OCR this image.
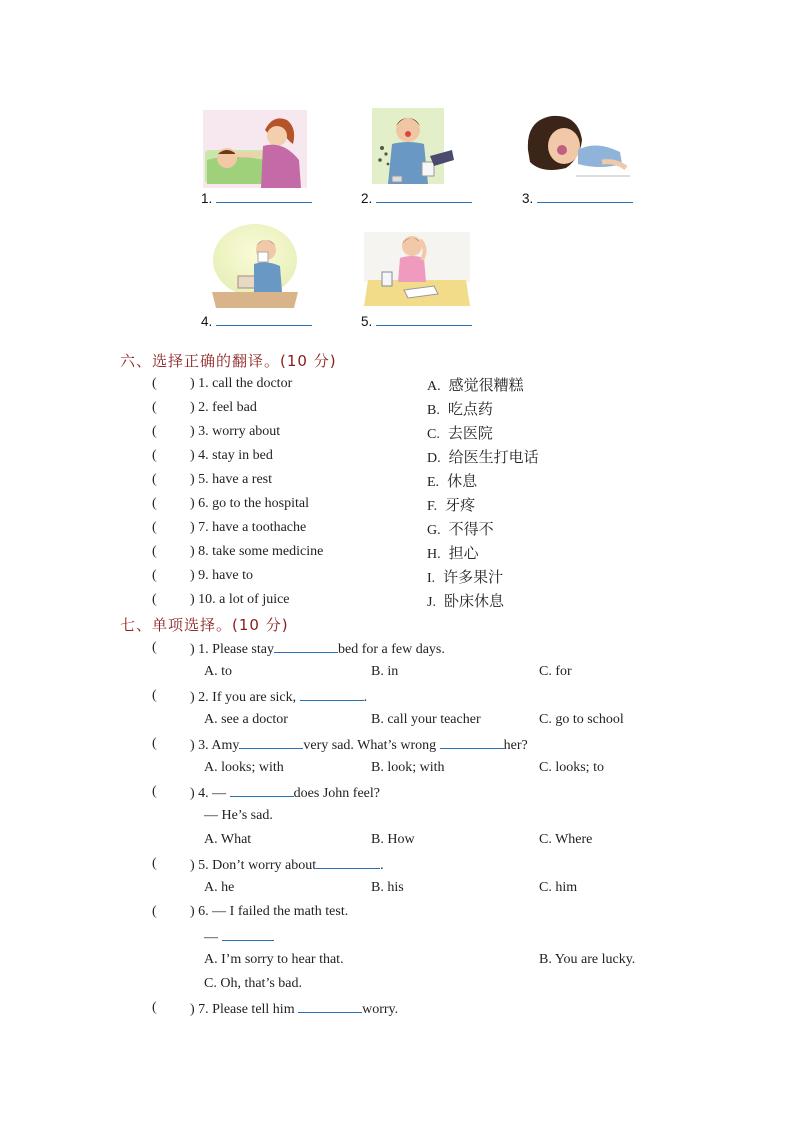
1.	2.	3.
4.	5.
六、选择正确的翻译。(10 分)
( ) 1. call the doctor	A. 感觉很糟糕
( ) 2. feel bad	B. 吃点药
( ) 3. worry about	C. 去医院
( ) 4. stay in bed	D. 给医生打电话
( ) 5. have a rest	E. 休息
( ) 6. go to the hospital	F. 牙疼
( ) 7. have a toothache	G. 不得不
( ) 8. take some medicine	H. 担心
( ) 9. have to	I. 许多果汁
( ) 10. a lot of juice	J. 卧床休息
七、单项选择。(10 分)
( ) 1. Please stay	bed for a few days.
A. to	B. in	C. for
( ) 2. If you are sick,	.
A. see a doctor	B. call your teacher	C. go to school
( ) 3. Amy	very sad. What’s wrong	her?
A. looks; with	B. look; with	C. looks; to
( ) 4. —	does John feel?
— He’s sad.
A. What	B. How	C. Where
( ) 5. Don’t worry about	.
A. he	B. his	C. him
( ) 6. — I failed the math test.
—
A. I’m sorry to hear that.	B. You are lucky.
C. Oh, that’s bad.
( ) 7. Please tell him	worry.
